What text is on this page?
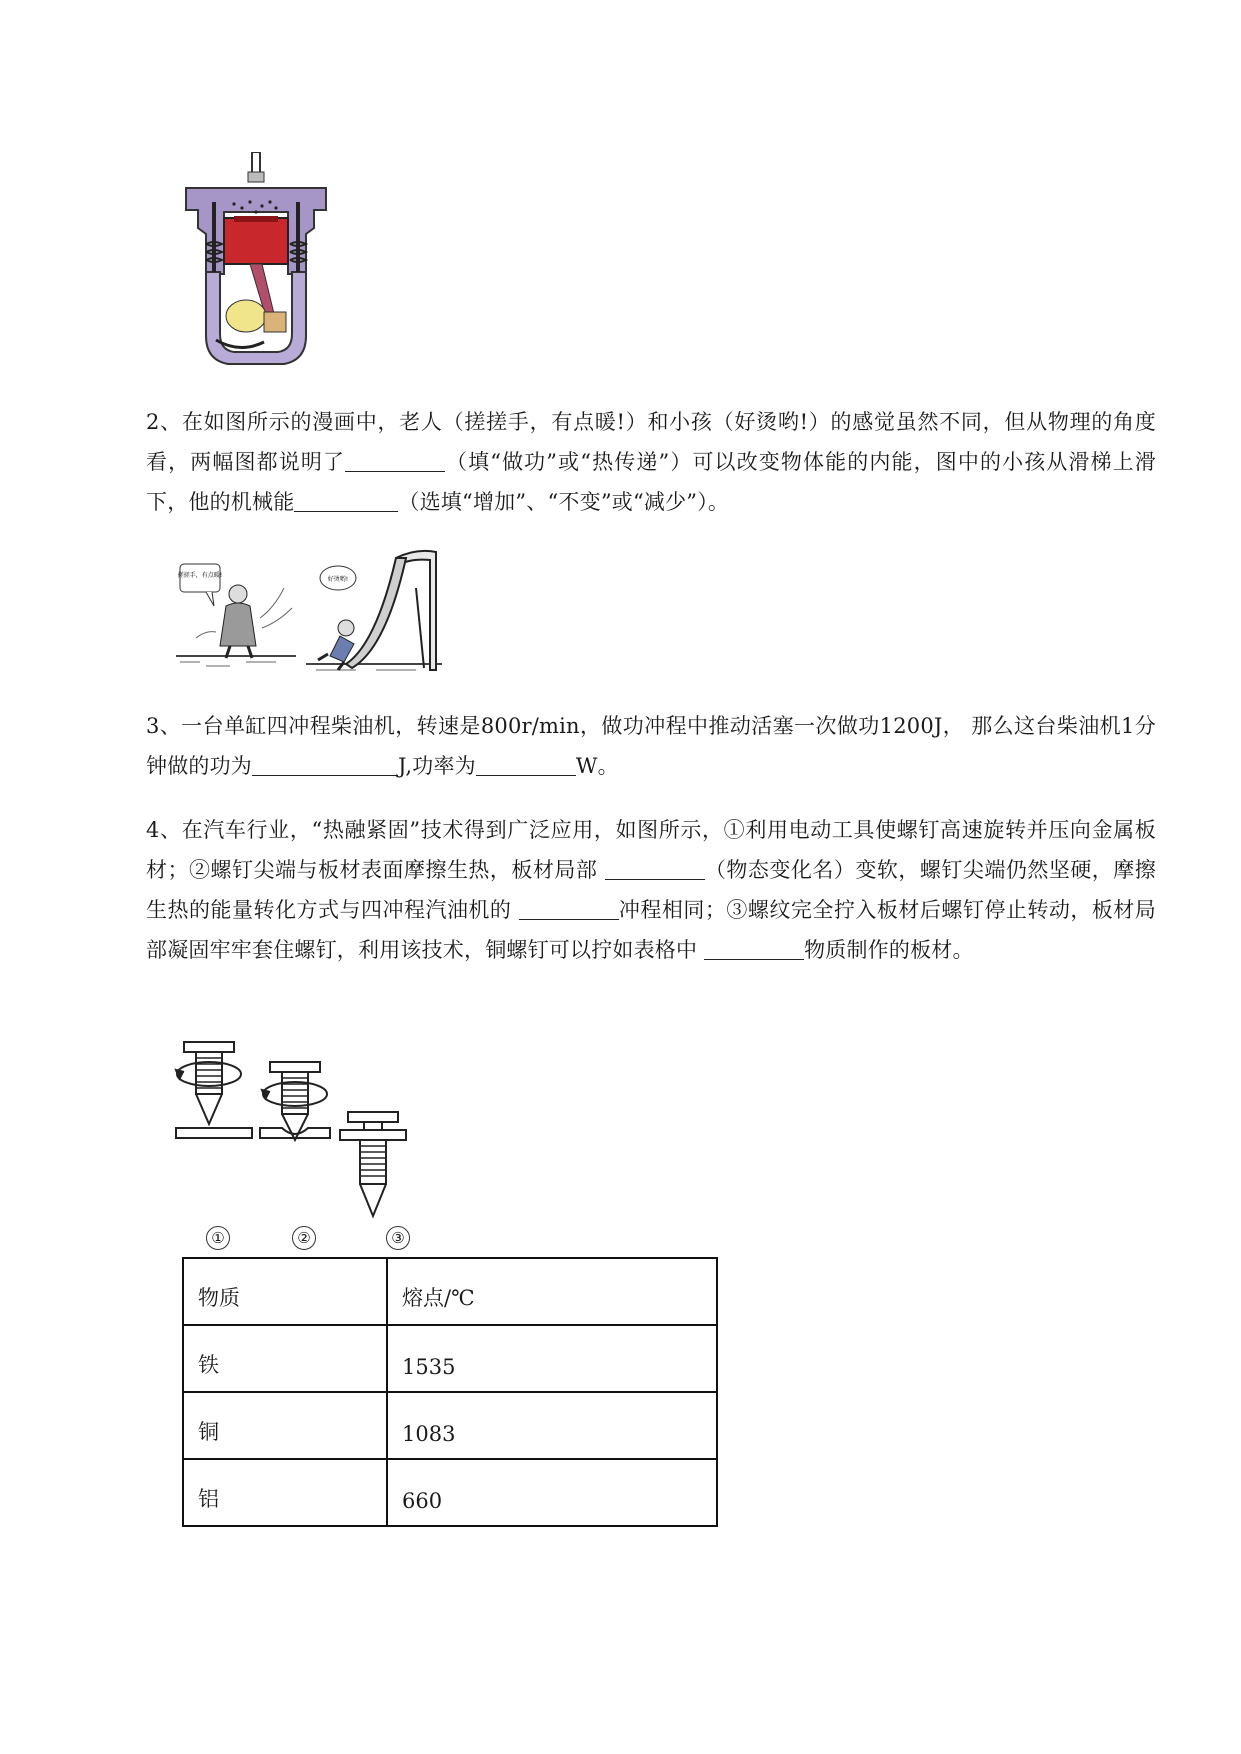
2、在如图所示的漫画中，老人（搓搓手，有点暖!）和小孩（好烫哟!）的感觉虽然不同，但从物理的角度看，两幅图都说明了	（填“做功”或“热传递”）可以改变物体能的内能，图中的小孩从滑梯上滑下，他的机械能	（选填“增加”、“不变”或“减少”）。
搓搓手，有点暖!
好烫哟!
3、一台单缸四冲程柴油机，转速是800r/min，做功冲程中推动活塞一次做功1200J， 那么这台柴油机1分钟做的功为	J,功率为	W。
4、在汽车行业，“热融紧固”技术得到广泛应用，如图所示，①利用电动工具使螺钉高速旋转并压向金属板材；②螺钉尖端与板材表面摩擦生热，板材局部	（物态变化名）变软，螺钉尖端仍然坚硬，摩擦生热的能量转化方式与四冲程汽油机的	冲程相同；③螺纹完全拧入板材后螺钉停止转动，板材局部凝固牢牢套住螺钉，利用该技术，铜螺钉可以拧如表格中	物质制作的板材。
①	②	③
物质	熔点/℃
铁	1535
铜	1083
铝	660
